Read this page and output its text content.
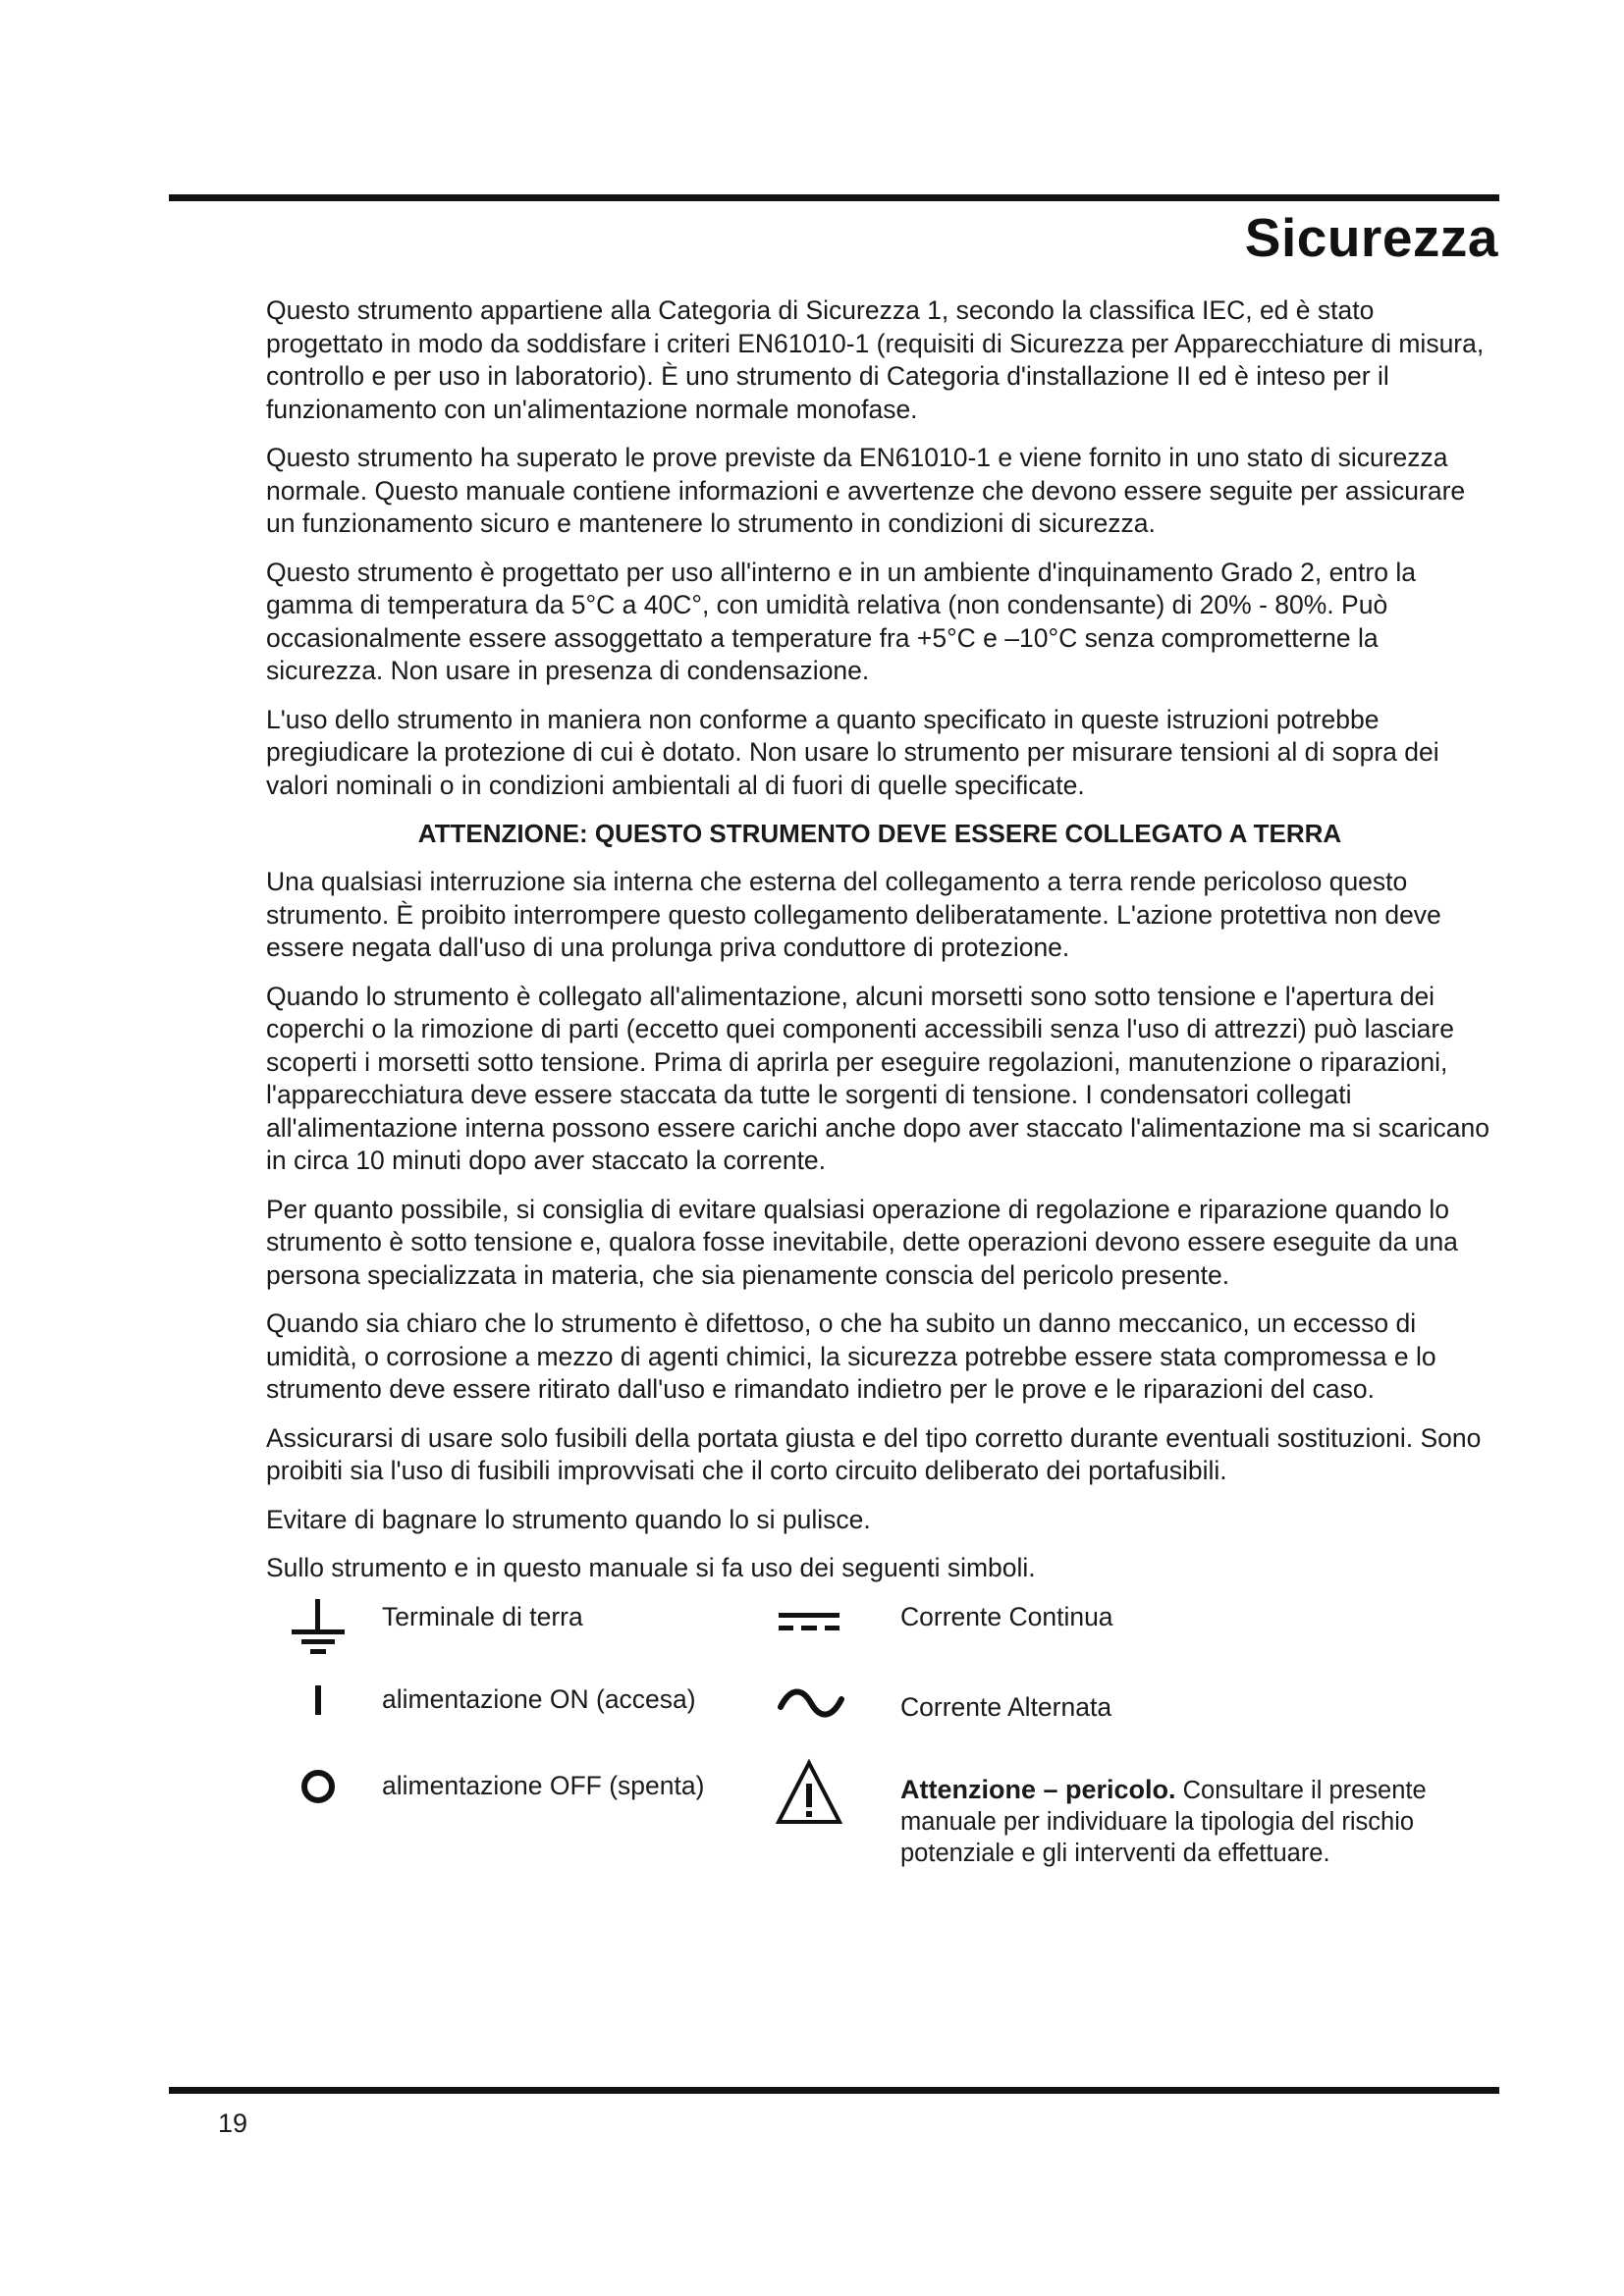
Sicurezza

Questo strumento appartiene alla Categoria di Sicurezza 1, secondo la classifica IEC, ed è stato progettato in modo da soddisfare i criteri EN61010-1 (requisiti di Sicurezza per Apparecchiature di misura, controllo e per uso in laboratorio). È uno strumento di Categoria d'installazione II ed è inteso per il funzionamento con un'alimentazione normale monofase.

Questo strumento ha superato le prove previste da EN61010-1 e viene fornito in uno stato di sicurezza normale. Questo manuale contiene informazioni e avvertenze che devono essere seguite per assicurare un funzionamento sicuro e mantenere lo strumento in condizioni di sicurezza.

Questo strumento è progettato per uso all'interno e in un ambiente d'inquinamento Grado 2, entro la gamma di temperatura da 5°C a 40C°, con umidità relativa (non condensante) di 20% - 80%. Può occasionalmente essere assoggettato a temperature fra +5°C e –10°C senza comprometterne la sicurezza. Non usare in presenza di condensazione.

L'uso dello strumento in maniera non conforme a quanto specificato in queste istruzioni potrebbe pregiudicare la protezione di cui è dotato. Non usare lo strumento per misurare tensioni al di sopra dei valori nominali o in condizioni ambientali al di fuori di quelle specificate.

ATTENZIONE: QUESTO STRUMENTO DEVE ESSERE COLLEGATO A TERRA

Una qualsiasi interruzione sia interna che esterna del collegamento a terra rende pericoloso questo strumento. È proibito interrompere questo collegamento deliberatamente. L'azione protettiva non deve essere negata dall'uso di una prolunga priva conduttore di protezione.

Quando lo strumento è collegato all'alimentazione, alcuni morsetti sono sotto tensione e l'apertura dei coperchi o la rimozione di parti (eccetto quei componenti accessibili senza l'uso di attrezzi) può lasciare scoperti i morsetti sotto tensione. Prima di aprirla per eseguire regolazioni, manutenzione o riparazioni, l'apparecchiatura deve essere staccata da tutte le sorgenti di tensione. I condensatori collegati all'alimentazione interna possono essere carichi anche dopo aver staccato l'alimentazione ma si scaricano in circa 10 minuti dopo aver staccato la corrente.

Per quanto possibile, si consiglia di evitare qualsiasi operazione di regolazione e riparazione quando lo strumento è sotto tensione e, qualora fosse inevitabile, dette operazioni devono essere eseguite da una persona specializzata in materia, che sia pienamente conscia del pericolo presente.

Quando sia chiaro che lo strumento è difettoso, o che ha subito un danno meccanico, un eccesso di umidità, o corrosione a mezzo di agenti chimici, la sicurezza potrebbe essere stata compromessa e lo strumento deve essere ritirato dall'uso e rimandato indietro per le prove e le riparazioni del caso.

Assicurarsi di usare solo fusibili della portata giusta e del tipo corretto durante eventuali sostituzioni. Sono proibiti sia l'uso di fusibili improvvisati che il corto circuito deliberato dei portafusibili.

Evitare di bagnare lo strumento quando lo si pulisce.

Sullo strumento e in questo manuale si fa uso dei seguenti simboli.

Terminale di terra

alimentazione ON (accesa)

alimentazione OFF (spenta)

Corrente Continua

Corrente Alternata

Attenzione – pericolo. Consultare il presente manuale per individuare la tipologia del rischio potenziale e gli interventi da effettuare.

19
